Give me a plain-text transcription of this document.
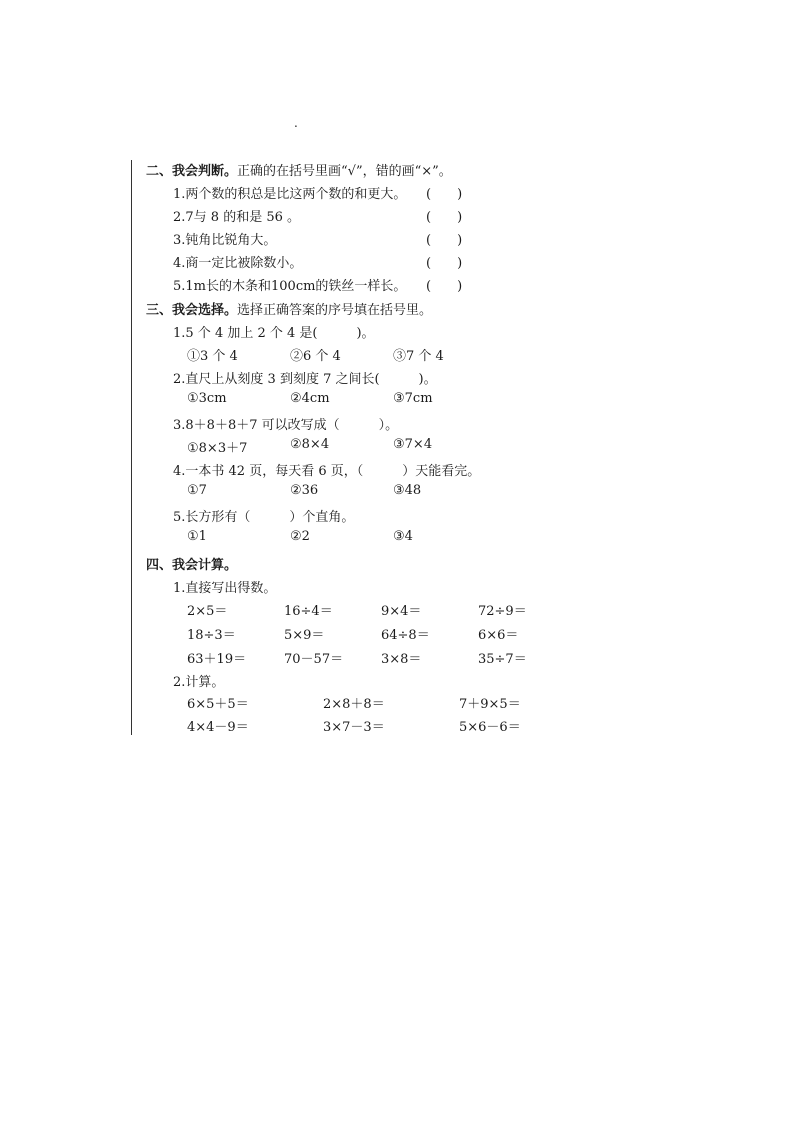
.
二、我会判断。正确的在括号里画“√”，错的画“×”。
1.两个数的积总是比这两个数的和更大。 (　　)
2.7与 8 的和是 56 。	(　　)
3.钝角比锐角大。	(　　)
4.商一定比被除数小。	(　　)
5.1m长的木条和100cm的铁丝一样长。 (　　)
三、我会选择。选择正确答案的序号填在括号里。
1.5 个 4 加上 2 个 4 是(　　　)。
①3 个 4	②6 个 4	③7 个 4
2.直尺上从刻度 3 到刻度 7 之间长(　　　)。
①3cm	②4cm	③7cm
3.8＋8＋8＋7 可以改写成（　　　）。
①8×3＋7	②8×4	③7×4
4.一本书 42 页，每天看 6 页，（　　　）天能看完。
①7	②36	③48
5.长方形有（　　　）个直角。
①1	②2	③4
四、我会计算。
1.直接写出得数。
2×5＝	16÷4＝	9×4＝	72÷9＝
18÷3＝	5×9＝	64÷8＝	6×6＝
63＋19＝	70－57＝	3×8＝	35÷7＝
2.计算。
6×5＋5＝	2×8＋8＝	7＋9×5＝
4×4－9＝	3×7－3＝	5×6－6＝
